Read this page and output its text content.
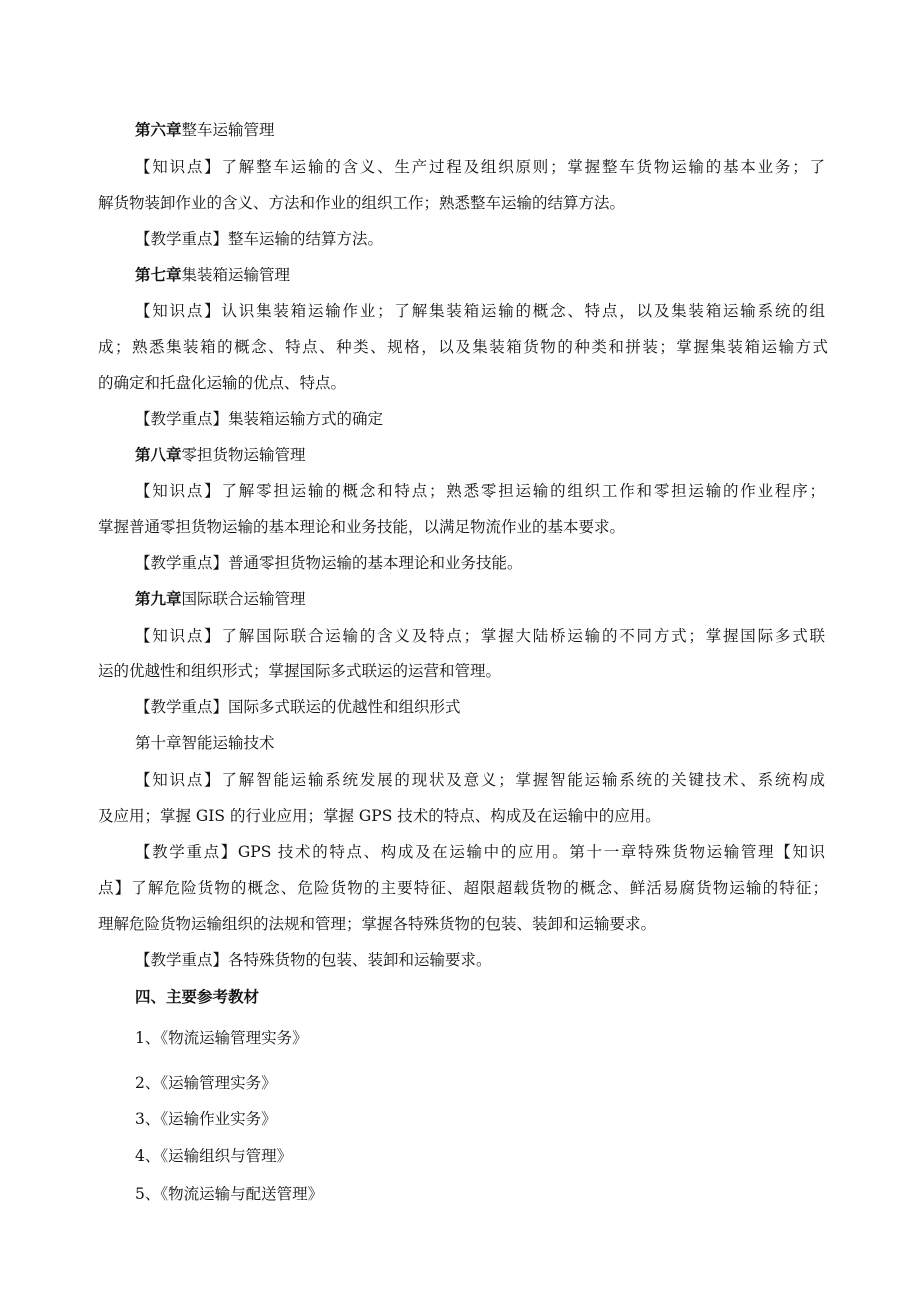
第六章整车运输管理
【知识点】了解整车运输的含义、生产过程及组织原则；掌握整车货物运输的基本业务；了
解货物装卸作业的含义、方法和作业的组织工作；熟悉整车运输的结算方法。
【教学重点】整车运输的结算方法。
第七章集装箱运输管理
【知识点】认识集装箱运输作业；了解集装箱运输的概念、特点，以及集装箱运输系统的组
成；熟悉集装箱的概念、特点、种类、规格，以及集装箱货物的种类和拼装；掌握集装箱运输方式
的确定和托盘化运输的优点、特点。
【教学重点】集装箱运输方式的确定
第八章零担货物运输管理
【知识点】了解零担运输的概念和特点；熟悉零担运输的组织工作和零担运输的作业程序；
掌握普通零担货物运输的基本理论和业务技能，以满足物流作业的基本要求。
【教学重点】普通零担货物运输的基本理论和业务技能。
第九章国际联合运输管理
【知识点】了解国际联合运输的含义及特点；掌握大陆桥运输的不同方式；掌握国际多式联
运的优越性和组织形式；掌握国际多式联运的运营和管理。
【教学重点】国际多式联运的优越性和组织形式
第十章智能运输技术
【知识点】了解智能运输系统发展的现状及意义；掌握智能运输系统的关键技术、系统构成
及应用；掌握 GIS 的行业应用；掌握 GPS 技术的特点、构成及在运输中的应用。
【教学重点】GPS 技术的特点、构成及在运输中的应用。第十一章特殊货物运输管理【知识
点】了解危险货物的概念、危险货物的主要特征、超限超载货物的概念、鲜活易腐货物运输的特征；
理解危险货物运输组织的法规和管理；掌握各特殊货物的包装、装卸和运输要求。
【教学重点】各特殊货物的包装、装卸和运输要求。
四、主要参考教材
1、《物流运输管理实务》
2、《运输管理实务》
3、《运输作业实务》
4、《运输组织与管理》
5、《物流运输与配送管理》
